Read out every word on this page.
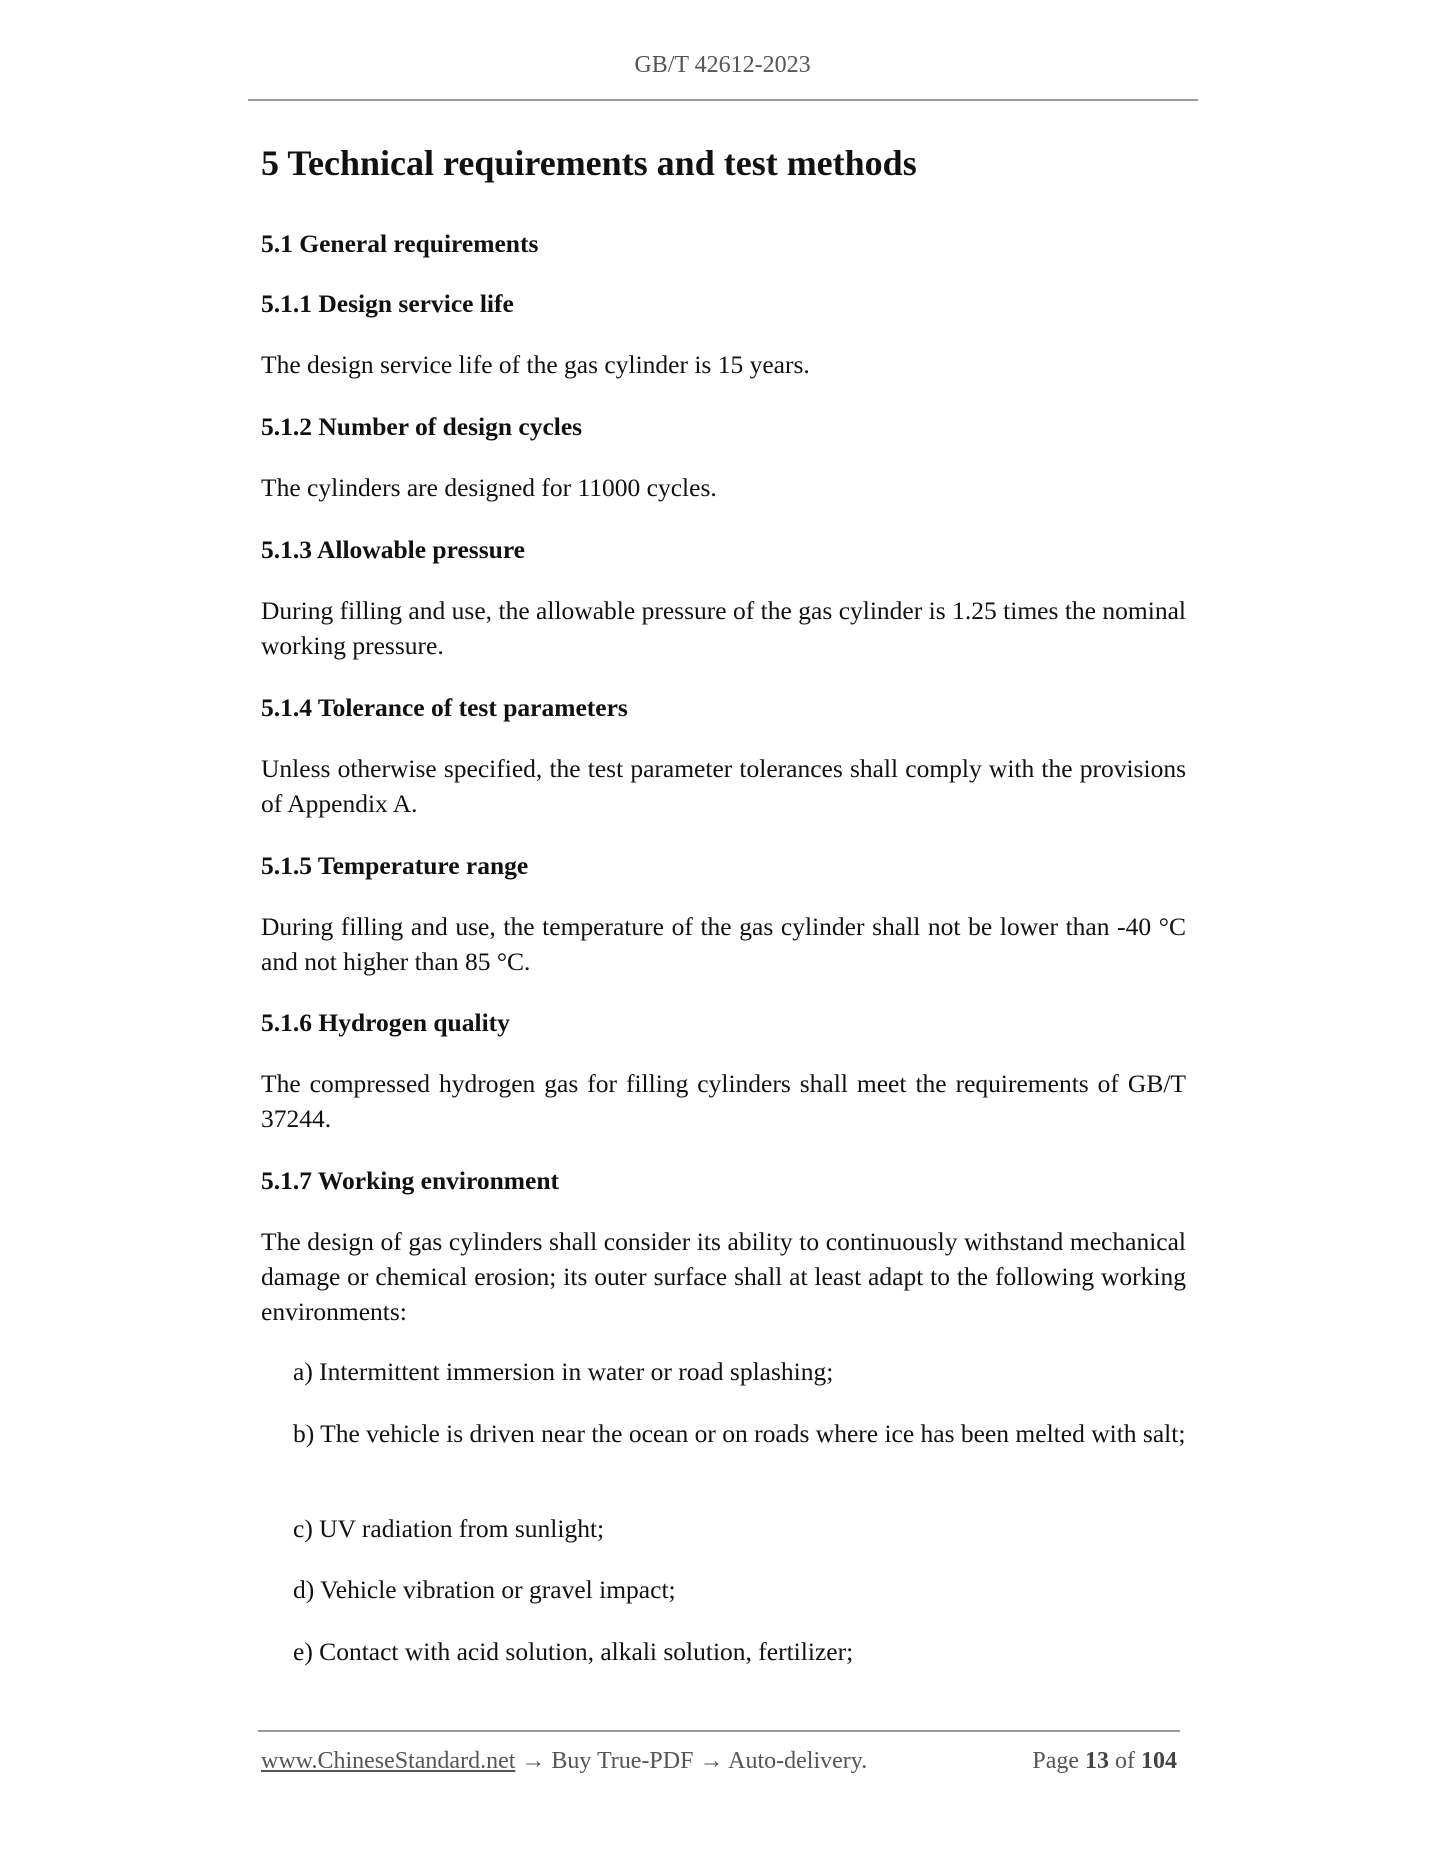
GB/T 42612-2023
5 Technical requirements and test methods
5.1 General requirements
5.1.1 Design service life
The design service life of the gas cylinder is 15 years.
5.1.2 Number of design cycles
The cylinders are designed for 11000 cycles.
5.1.3 Allowable pressure
During filling and use, the allowable pressure of the gas cylinder is 1.25 times the nominal working pressure.
5.1.4 Tolerance of test parameters
Unless otherwise specified, the test parameter tolerances shall comply with the provisions of Appendix A.
5.1.5 Temperature range
During filling and use, the temperature of the gas cylinder shall not be lower than -40 °C and not higher than 85 °C.
5.1.6 Hydrogen quality
The compressed hydrogen gas for filling cylinders shall meet the requirements of GB/T 37244.
5.1.7 Working environment
The design of gas cylinders shall consider its ability to continuously withstand mechanical damage or chemical erosion; its outer surface shall at least adapt to the following working environments:
a) Intermittent immersion in water or road splashing;
b) The vehicle is driven near the ocean or on roads where ice has been melted with salt;
c) UV radiation from sunlight;
d) Vehicle vibration or gravel impact;
e) Contact with acid solution, alkali solution, fertilizer;
www.ChineseStandard.net → Buy True-PDF → Auto-delivery.	Page 13 of 104
